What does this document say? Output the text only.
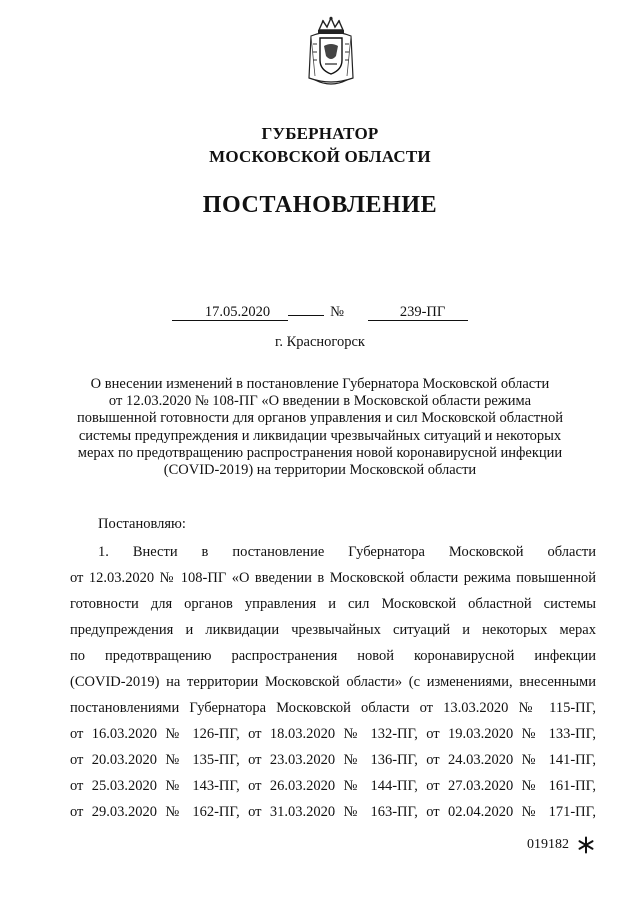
ГУБЕРНАТОР
МОСКОВСКОЙ ОБЛАСТИ
ПОСТАНОВЛЕНИЕ
17.05.2020	№	239-ПГ
г. Красногорск
О внесении изменений в постановление Губернатора Московской области
от 12.03.2020 № 108-ПГ «О введении в Московской области режима
повышенной готовности для органов управления и сил Московской областной
системы предупреждения и ликвидации чрезвычайных ситуаций и некоторых
мерах по предотвращению распространения новой коронавирусной инфекции
(COVID-2019) на территории Московской области
Постановляю:
1. Внести в постановление Губернатора Московской области
от 12.03.2020 № 108-ПГ «О введении в Московской области режима повышенной
готовности для органов управления и сил Московской областной системы
предупреждения и ликвидации чрезвычайных ситуаций и некоторых мерах
по предотвращению распространения новой коронавирусной инфекции
(COVID-2019) на территории Московской области» (с изменениями, внесенными
постановлениями Губернатора Московской области от 13.03.2020 № 115-ПГ,
от 16.03.2020 № 126-ПГ, от 18.03.2020 № 132-ПГ, от 19.03.2020 № 133-ПГ,
от 20.03.2020 № 135-ПГ, от 23.03.2020 № 136-ПГ, от 24.03.2020 № 141-ПГ,
от 25.03.2020 № 143-ПГ, от 26.03.2020 № 144-ПГ, от 27.03.2020 № 161-ПГ,
от 29.03.2020 № 162-ПГ, от 31.03.2020 № 163-ПГ, от 02.04.2020 № 171-ПГ,
019182
